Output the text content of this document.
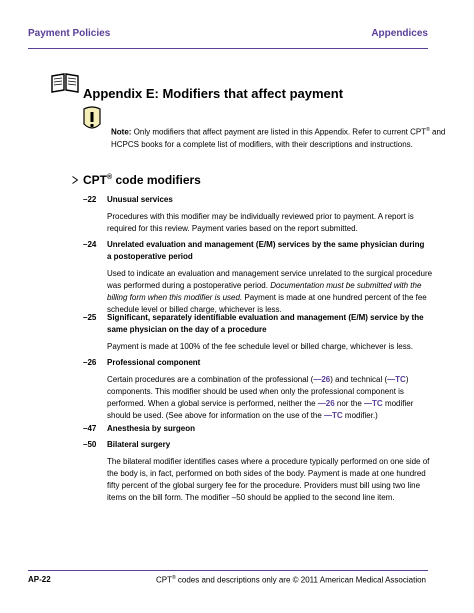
Payment Policies	Appendices
Appendix E: Modifiers that affect payment
Note: Only modifiers that affect payment are listed in this Appendix. Refer to current CPT® and HCPCS books for a complete list of modifiers, with their descriptions and instructions.
CPT® code modifiers
–22 Unusual services
Procedures with this modifier may be individually reviewed prior to payment. A report is required for this review. Payment varies based on the report submitted.
–24 Unrelated evaluation and management (E/M) services by the same physician during a postoperative period
Used to indicate an evaluation and management service unrelated to the surgical procedure was performed during a postoperative period. Documentation must be submitted with the billing form when this modifier is used. Payment is made at one hundred percent of the fee schedule level or billed charge, whichever is less.
–25 Significant, separately identifiable evaluation and management (E/M) service by the same physician on the day of a procedure
Payment is made at 100% of the fee schedule level or billed charge, whichever is less.
–26 Professional component
Certain procedures are a combination of the professional (—26) and technical (—TC) components. This modifier should be used when only the professional component is performed. When a global service is performed, neither the —26 nor the —TC modifier should be used. (See above for information on the use of the —TC modifier.)
–47 Anesthesia by surgeon
–50 Bilateral surgery
The bilateral modifier identifies cases where a procedure typically performed on one side of the body is, in fact, performed on both sides of the body. Payment is made at one hundred fifty percent of the global surgery fee for the procedure. Providers must bill using two line items on the bill form. The modifier –50 should be applied to the second line item.
AP-22	CPT® codes and descriptions only are © 2011 American Medical Association
